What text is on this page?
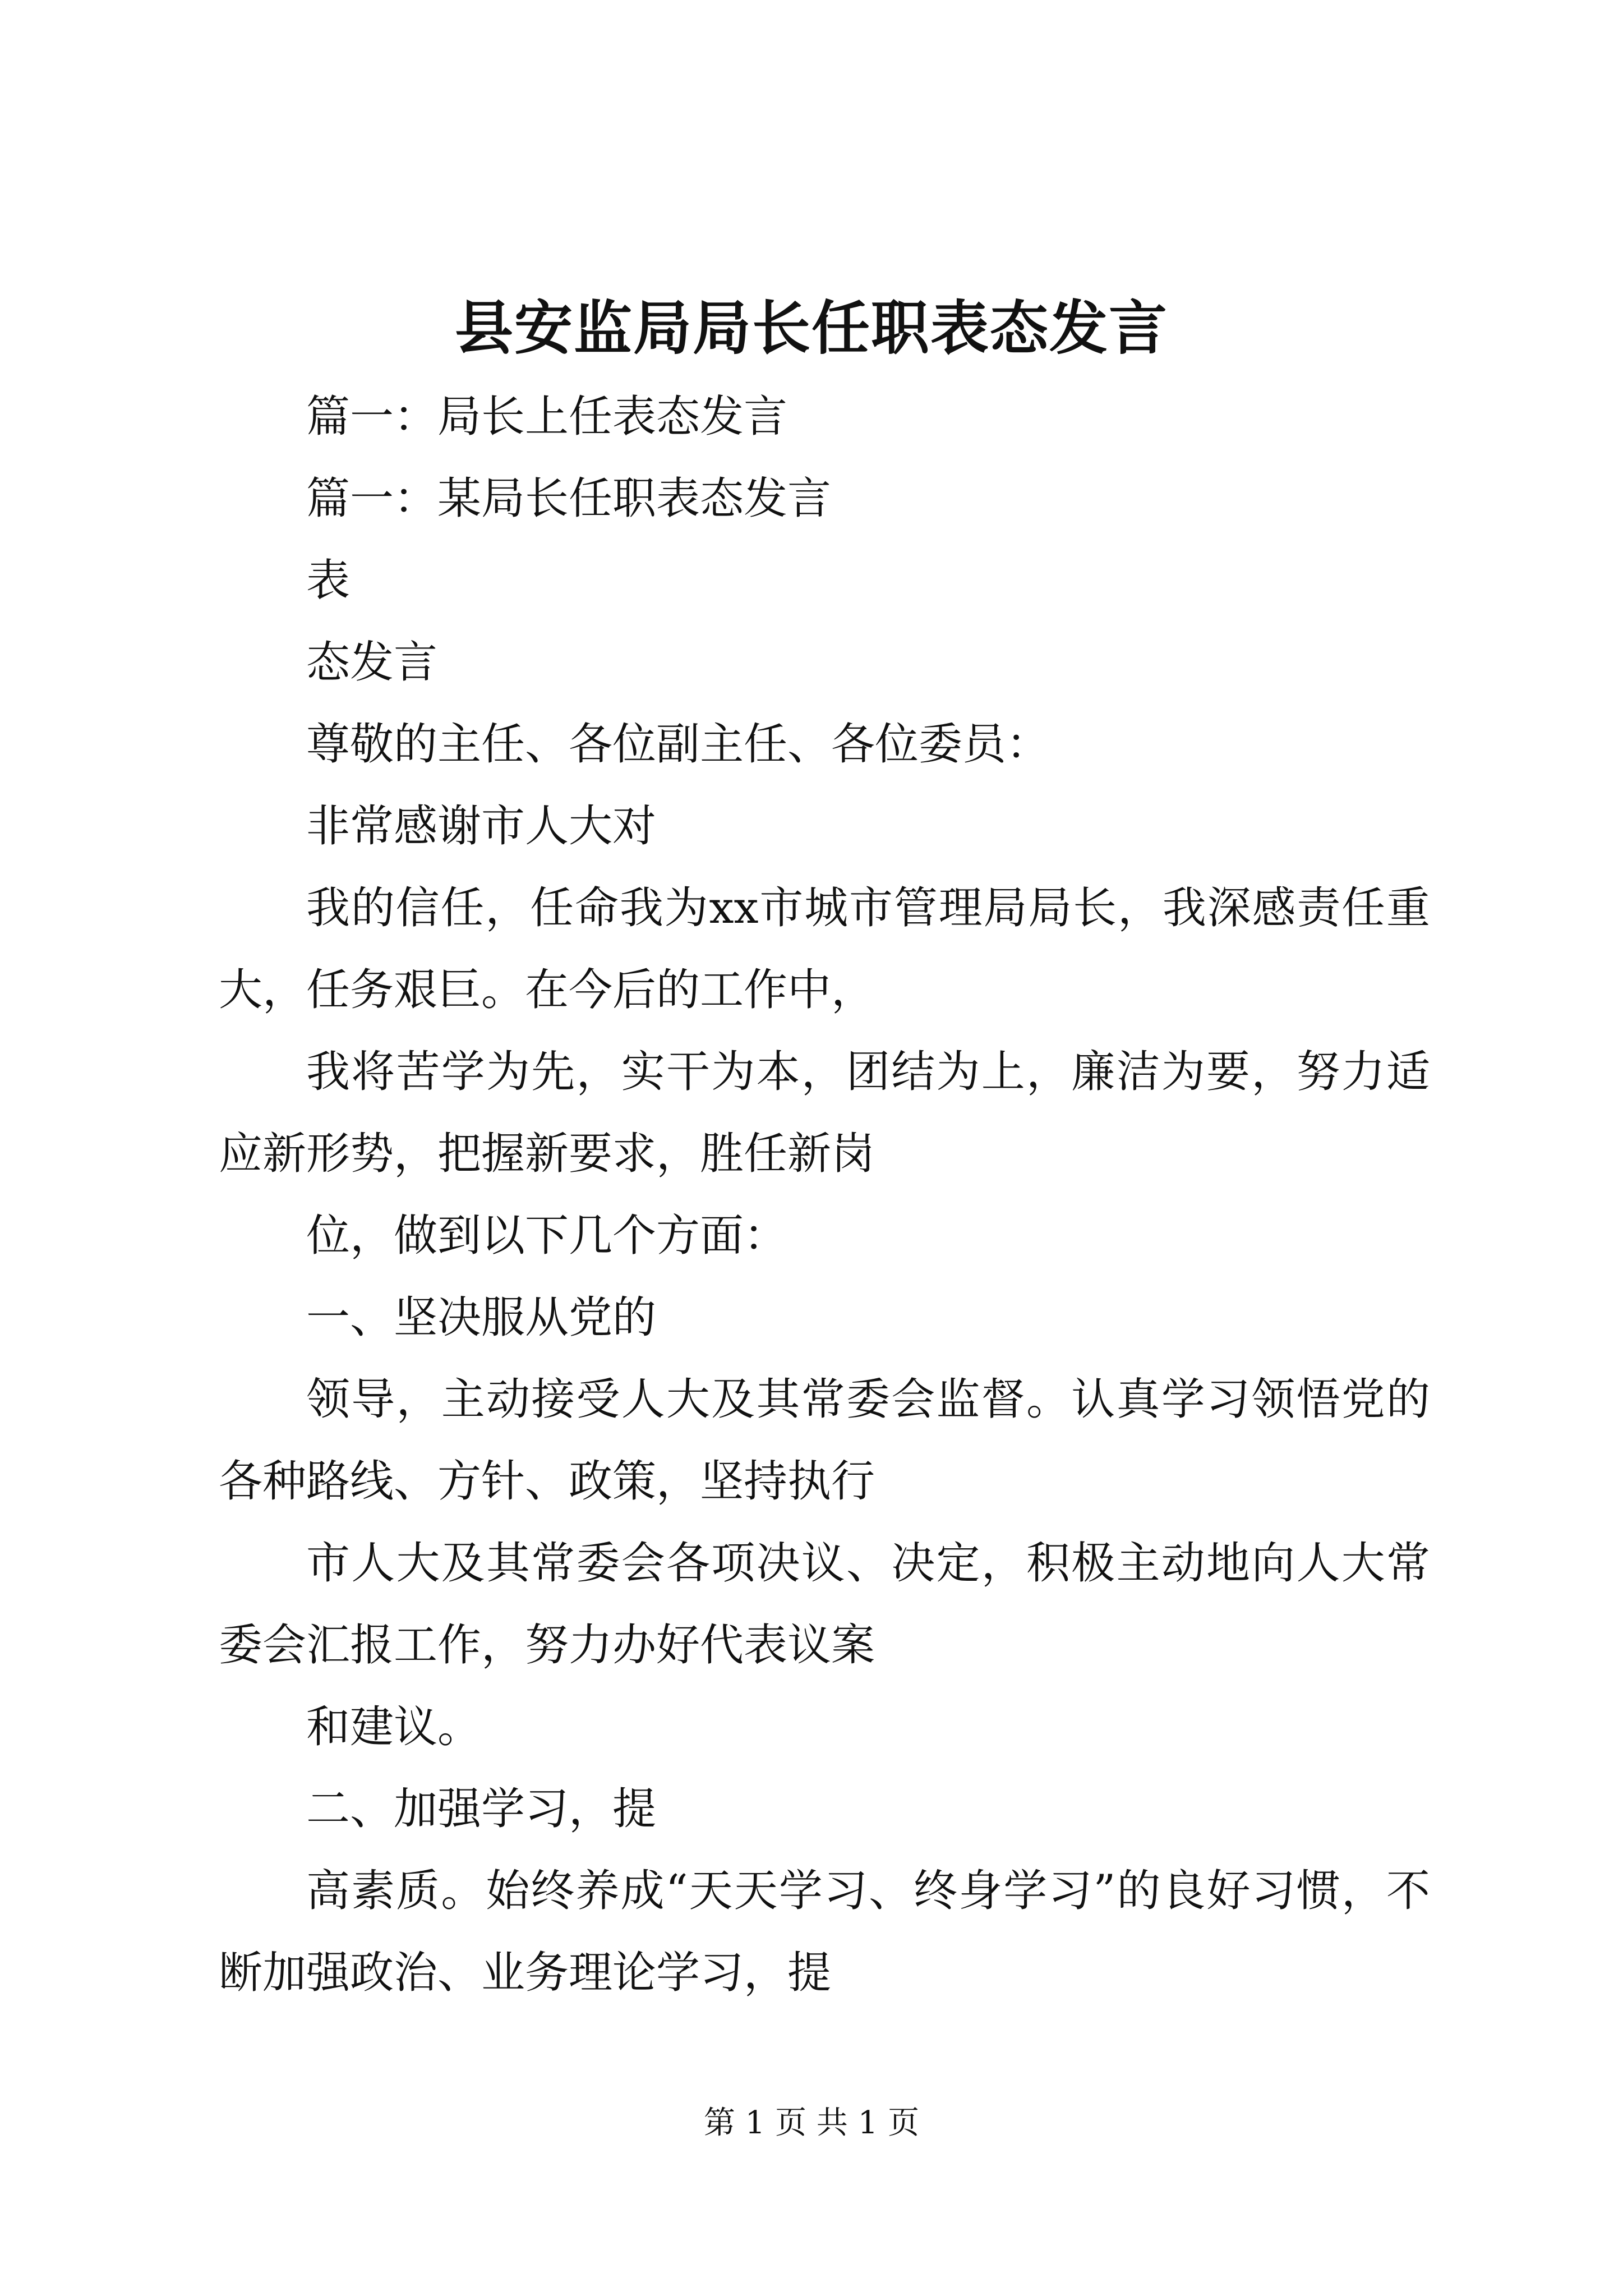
县安监局局长任职表态发言

篇一：局长上任表态发言

篇一：某局长任职表态发言

表

态发言

尊敬的主任、各位副主任、各位委员：

非常感谢市人大对

我的信任，任命我为xx市城市管理局局长，我深感责任重大，任务艰巨。在今后的工作中，

我将苦学为先，实干为本，团结为上，廉洁为要，努力适应新形势，把握新要求，胜任新岗

位，做到以下几个方面：

一、坚决服从党的

领导，主动接受人大及其常委会监督。认真学习领悟党的各种路线、方针、政策，坚持执行

市人大及其常委会各项决议、决定，积极主动地向人大常委会汇报工作，努力办好代表议案

和建议。

二、加强学习，提

高素质。始终养成“天天学习、终身学习”的良好习惯，不断加强政治、业务理论学习，提

第 1 页 共 1 页
